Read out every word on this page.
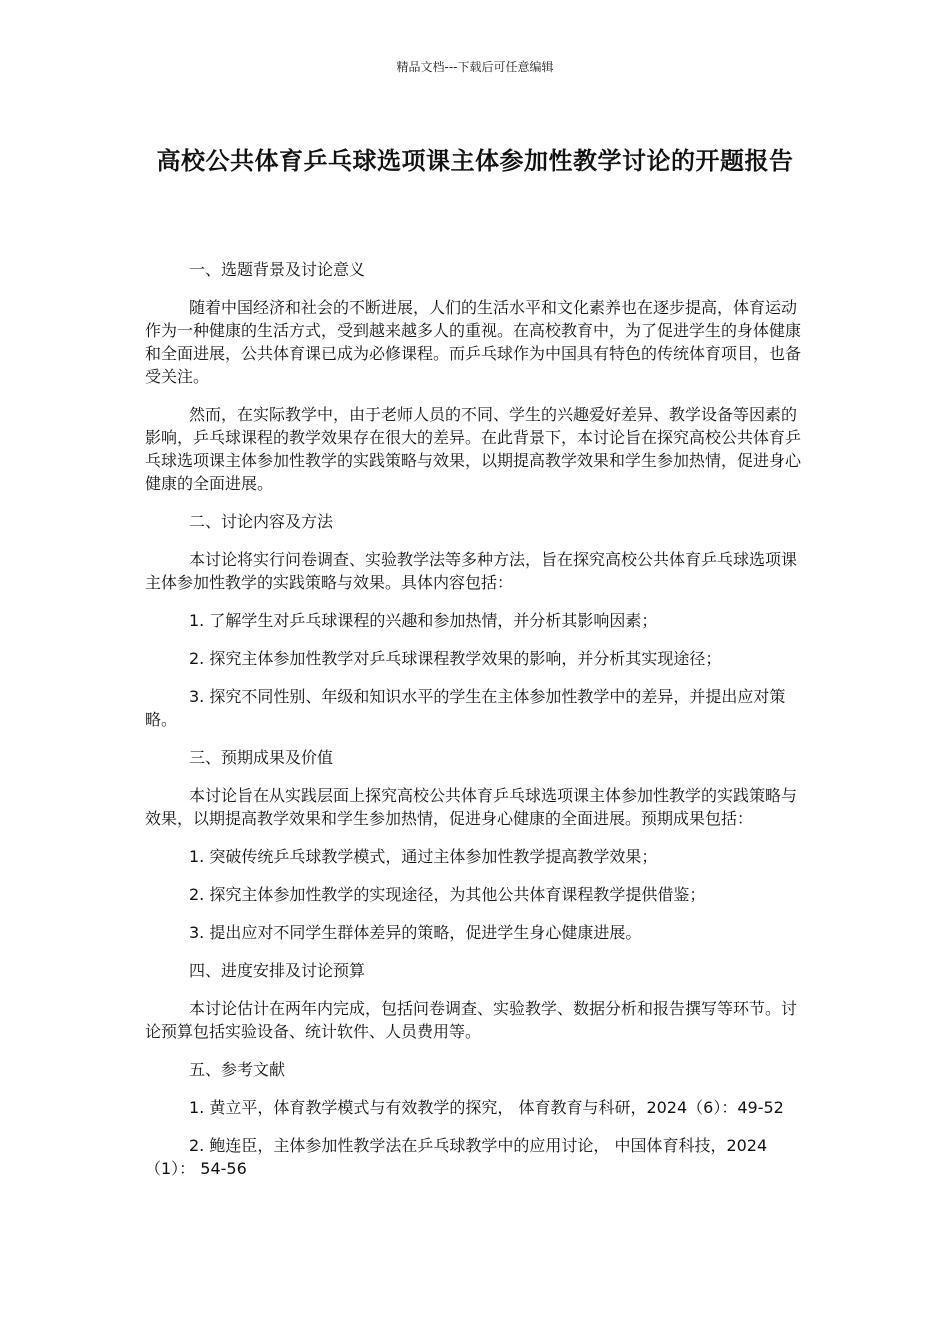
精品文档---下载后可任意编辑
高校公共体育乒乓球选项课主体参加性教学讨论的开题报告

一、选题背景及讨论意义

随着中国经济和社会的不断进展，人们的生活水平和文化素养也在逐步提高，体育运动作为一种健康的生活方式，受到越来越多人的重视。在高校教育中，为了促进学生的身体健康和全面进展，公共体育课已成为必修课程。而乒乓球作为中国具有特色的传统体育项目，也备受关注。

然而，在实际教学中，由于老师人员的不同、学生的兴趣爱好差异、教学设备等因素的影响，乒乓球课程的教学效果存在很大的差异。在此背景下，本讨论旨在探究高校公共体育乒乓球选项课主体参加性教学的实践策略与效果，以期提高教学效果和学生参加热情，促进身心健康的全面进展。

二、讨论内容及方法

本讨论将实行问卷调查、实验教学法等多种方法，旨在探究高校公共体育乒乓球选项课主体参加性教学的实践策略与效果。具体内容包括：

1. 了解学生对乒乓球课程的兴趣和参加热情，并分析其影响因素；

2. 探究主体参加性教学对乒乓球课程教学效果的影响，并分析其实现途径；

3. 探究不同性别、年级和知识水平的学生在主体参加性教学中的差异，并提出应对策略。

三、预期成果及价值

本讨论旨在从实践层面上探究高校公共体育乒乓球选项课主体参加性教学的实践策略与效果，以期提高教学效果和学生参加热情，促进身心健康的全面进展。预期成果包括：

1. 突破传统乒乓球教学模式，通过主体参加性教学提高教学效果；

2. 探究主体参加性教学的实现途径，为其他公共体育课程教学提供借鉴；

3. 提出应对不同学生群体差异的策略，促进学生身心健康进展。

四、进度安排及讨论预算

本讨论估计在两年内完成，包括问卷调查、实验教学、数据分析和报告撰写等环节。讨论预算包括实验设备、统计软件、人员费用等。

五、参考文献

1. 黄立平，体育教学模式与有效教学的探究， 体育教育与科研，2024（6）：49-52

2. 鲍连臣，主体参加性教学法在乒乓球教学中的应用讨论， 中国体育科技，2024（1）： 54-56
